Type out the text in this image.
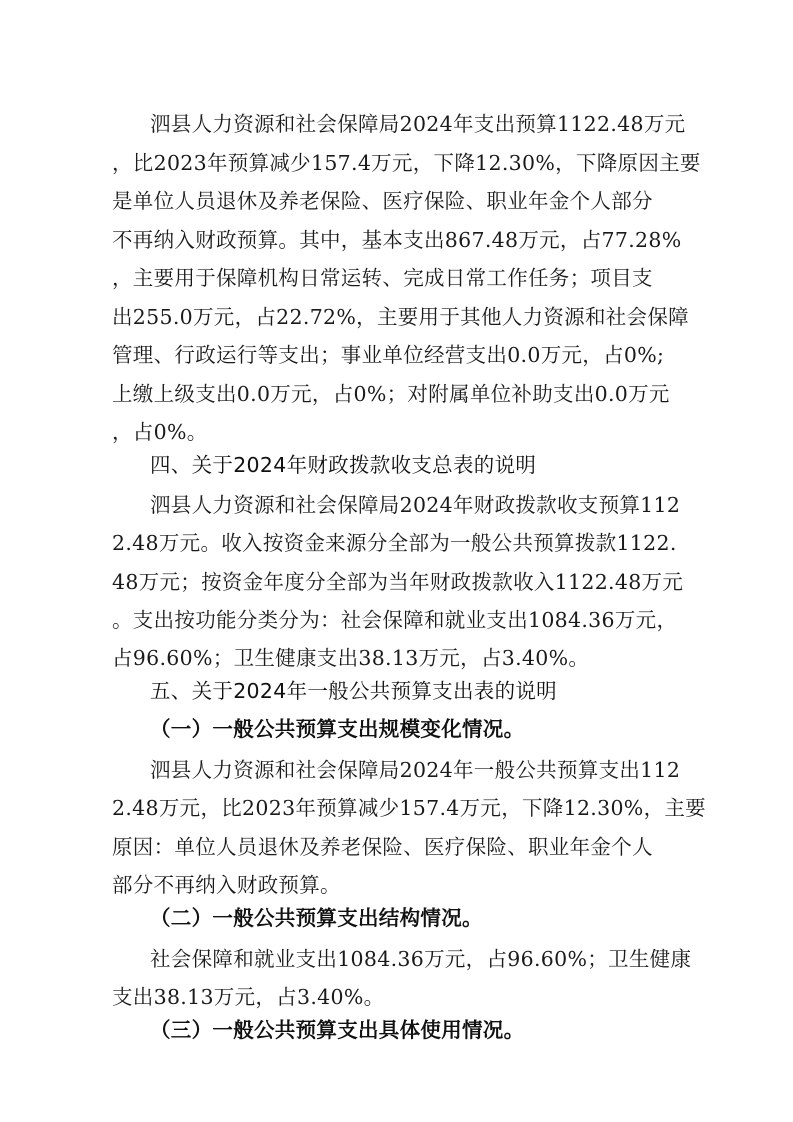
泗县人力资源和社会保障局2024年支出预算1122.48万元
，比2023年预算减少157.4万元，下降12.30%，下降原因主要
是单位人员退休及养老保险、医疗保险、职业年金个人部分
不再纳入财政预算。其中，基本支出867.48万元，占77.28%
，主要用于保障机构日常运转、完成日常工作任务；项目支
出255.0万元，占22.72%，主要用于其他人力资源和社会保障
管理、行政运行等支出；事业单位经营支出0.0万元，占0%;
上缴上级支出0.0万元，占0%；对附属单位补助支出0.0万元
，占0%。
四、关于2024年财政拨款收支总表的说明
泗县人力资源和社会保障局2024年财政拨款收支预算112
2.48万元。收入按资金来源分全部为一般公共预算拨款1122.
48万元；按资金年度分全部为当年财政拨款收入1122.48万元
。支出按功能分类分为：社会保障和就业支出1084.36万元，
占96.60%；卫生健康支出38.13万元，占3.40%。
五、关于2024年一般公共预算支出表的说明
（一）一般公共预算支出规模变化情况。
泗县人力资源和社会保障局2024年一般公共预算支出112
2.48万元，比2023年预算减少157.4万元，下降12.30%，主要
原因：单位人员退休及养老保险、医疗保险、职业年金个人
部分不再纳入财政预算。
（二）一般公共预算支出结构情况。
社会保障和就业支出1084.36万元，占96.60%；卫生健康
支出38.13万元，占3.40%。
（三）一般公共预算支出具体使用情况。
